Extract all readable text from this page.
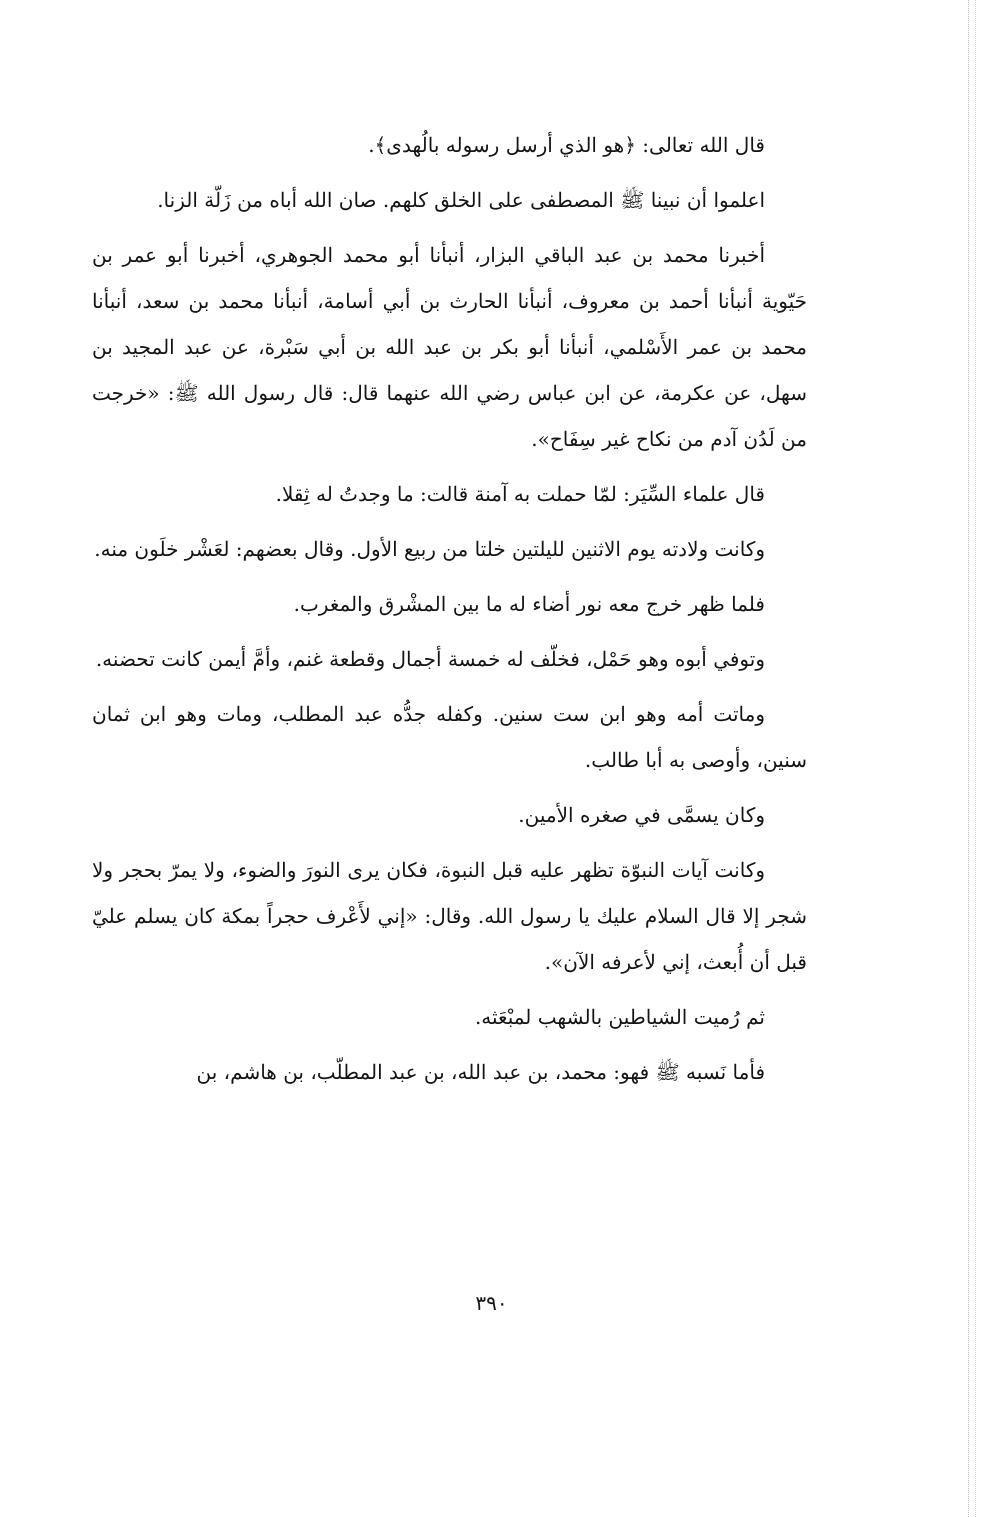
قال الله تعالى: ﴿هو الذي أرسل رسوله بالُهدى﴾.

اعلموا أن نبينا ﷺ المصطفى على الخلق كلهم. صان الله أباه من زَلّة الزنا.

أخبرنا محمد بن عبد الباقي البزار، أنبأنا أبو محمد الجوهري، أخبرنا أبو عمر بن حَيّوية أنبأنا أحمد بن معروف، أنبأنا الحارث بن أبي أسامة، أنبأنا محمد بن سعد، أنبأنا محمد بن عمر الأَسْلمي، أنبأنا أبو بكر بن عبد الله بن أبي سَبْرة، عن عبد المجيد بن سهل، عن عكرمة، عن ابن عباس رضي الله عنهما قال: قال رسول الله ﷺ: «خرجت من لَدُن آدم من نكاح غير سِفَاح».

قال علماء السِّيَر: لمّا حملت به آمنة قالت: ما وجدتُ له ثِقلا.

وكانت ولادته يوم الاثنين لليلتين خلتا من ربيع الأول. وقال بعضهم: لعَشْر خلَون منه.

فلما ظهر خرج معه نور أضاء له ما بين المشْرق والمغرب.

وتوفي أبوه وهو حَمْل، فخلّف له خمسة أجمال وقطعة غنم، وأمَّ أيمن كانت تحضنه.

وماتت أمه وهو ابن ست سنين. وكفله جدُّه عبد المطلب، ومات وهو ابن ثمان سنين، وأوصى به أبا طالب.

وكان يسمَّى في صغره الأمين.

وكانت آيات النبوّة تظهر عليه قبل النبوة، فكان يرى النورَ والضوء، ولا يمرّ بحجر ولا شجر إلا قال السلام عليك يا رسول الله. وقال: «إني لأَعْرف حجراً بمكة كان يسلم عليّ قبل أن أُبعث، إني لأعرفه الآن».

ثم رُميت الشياطين بالشهب لمبْعَثه.

فأما نَسبه ﷺ فهو: محمد، بن عبد الله، بن عبد المطلّب، بن هاشم، بن

٣٩٠
